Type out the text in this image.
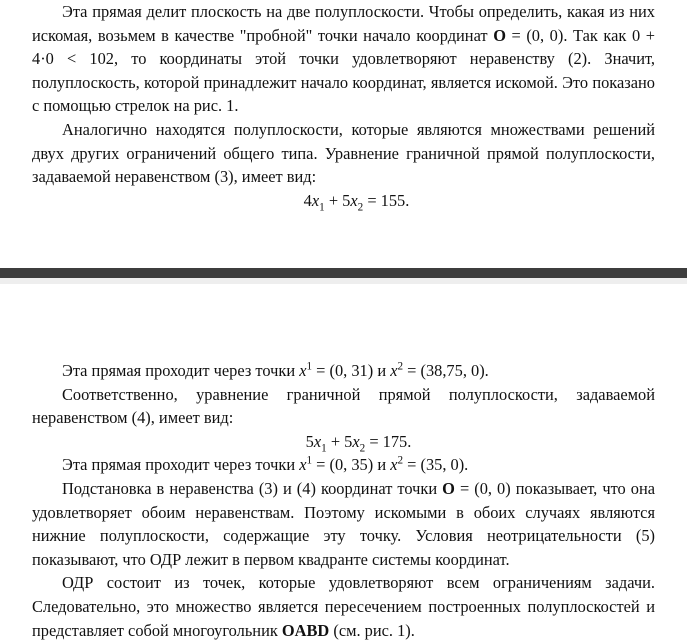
Эта прямая делит плоскость на две полуплоскости. Чтобы определить, какая из них искомая, возьмем в качестве "пробной" точки начало координат O = (0, 0). Так как 0 + 4·0 < 102, то координаты этой точки удовлетворяют неравенству (2). Значит, полуплоскость, которой принадлежит начало координат, является искомой. Это показано с помощью стрелок на рис. 1.

Аналогично находятся полуплоскости, которые являются множествами решений двух других ограничений общего типа. Уравнение граничной прямой полуплоскости, задаваемой неравенством (3), имеет вид:

$4x_1 + 5x_2 = 155$.

Эта прямая проходит через точки $x^1 = (0$, 31) и $x^2 = (38,75$, 0).

Соответственно, уравнение граничной прямой полуплоскости, задаваемой неравенством (4), имеет вид:

$5x_1 + 5x_2 = 175$.

Эта прямая проходит через точки $x^1 = (0$, 35) и $x^2 = (35$, 0).

Подстановка в неравенства (3) и (4) координат точки O = (0, 0) показывает, что она удовлетворяет обоим неравенствам. Поэтому искомыми в обоих случаях являются нижние полуплоскости, содержащие эту точку. Условия неотрицательности (5) показывают, что ОДР лежит в первом квадранте системы координат.

ОДР состоит из точек, которые удовлетворяют всем ограничениям задачи. Следовательно, это множество является пересечением построенных полуплоскостей и представляет собой многоугольник OABD (см. рис. 1).
